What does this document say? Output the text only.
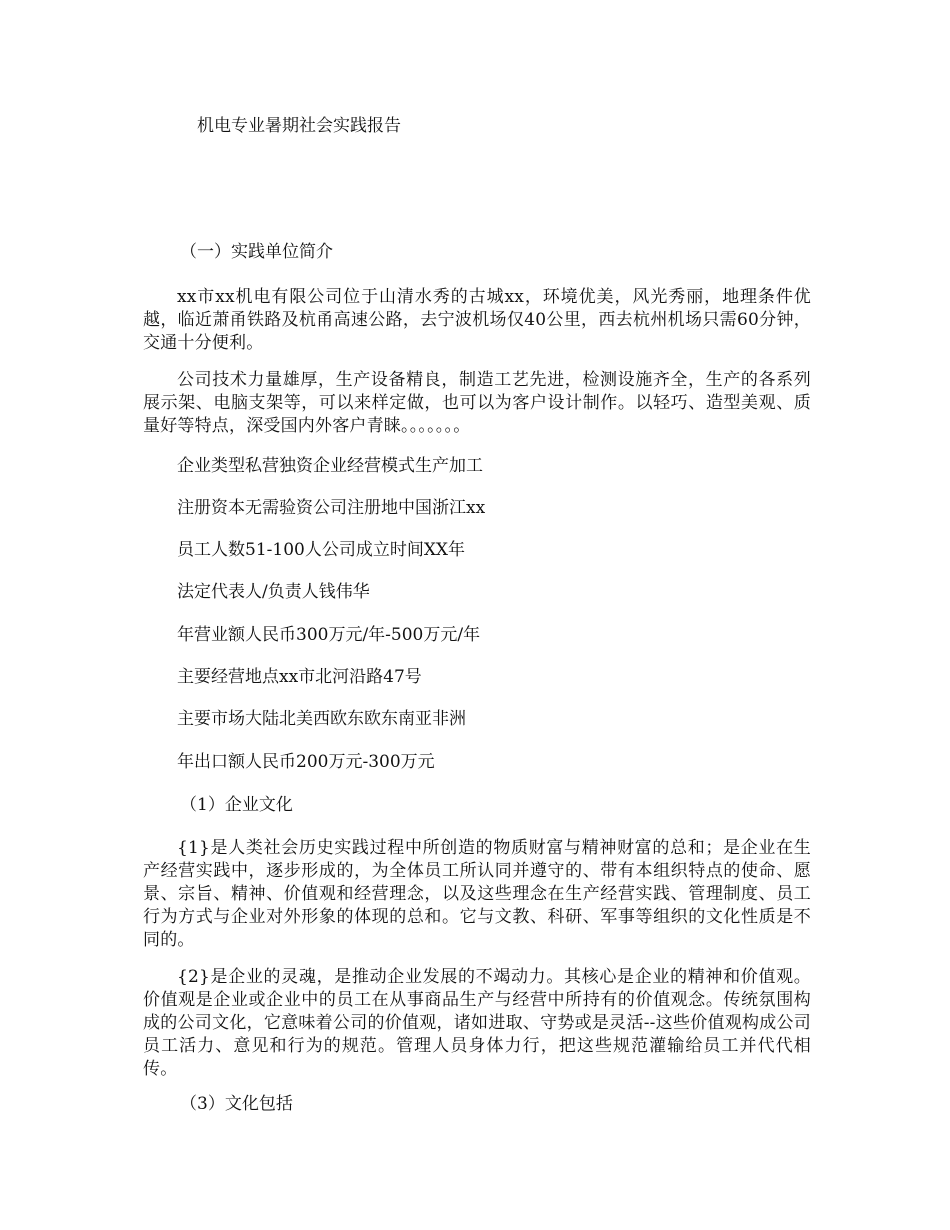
机电专业暑期社会实践报告
（一）实践单位简介
xx市xx机电有限公司位于山清水秀的古城xx，环境优美，风光秀丽，地理条件优越，临近萧甬铁路及杭甬高速公路，去宁波机场仅40公里，西去杭州机场只需60分钟，交通十分便利。
公司技术力量雄厚，生产设备精良，制造工艺先进，检测设施齐全，生产的各系列展示架、电脑支架等，可以来样定做，也可以为客户设计制作。以轻巧、造型美观、质量好等特点，深受国内外客户青睐。。。。。。。
企业类型私营独资企业经营模式生产加工
注册资本无需验资公司注册地中国浙江xx
员工人数51-100人公司成立时间XX年
法定代表人/负责人钱伟华
年营业额人民币300万元/年-500万元/年
主要经营地点xx市北河沿路47号
主要市场大陆北美西欧东欧东南亚非洲
年出口额人民币200万元-300万元
（1）企业文化
{1}是人类社会历史实践过程中所创造的物质财富与精神财富的总和；是企业在生产经营实践中，逐步形成的，为全体员工所认同并遵守的、带有本组织特点的使命、愿景、宗旨、精神、价值观和经营理念，以及这些理念在生产经营实践、管理制度、员工行为方式与企业对外形象的体现的总和。它与文教、科研、军事等组织的文化性质是不同的。
{2}是企业的灵魂，是推动企业发展的不竭动力。其核心是企业的精神和价值观。价值观是企业或企业中的员工在从事商品生产与经营中所持有的价值观念。传统氛围构成的公司文化，它意味着公司的价值观，诸如进取、守势或是灵活--这些价值观构成公司员工活力、意见和行为的规范。管理人员身体力行，把这些规范灌输给员工并代代相传。
（3）文化包括
